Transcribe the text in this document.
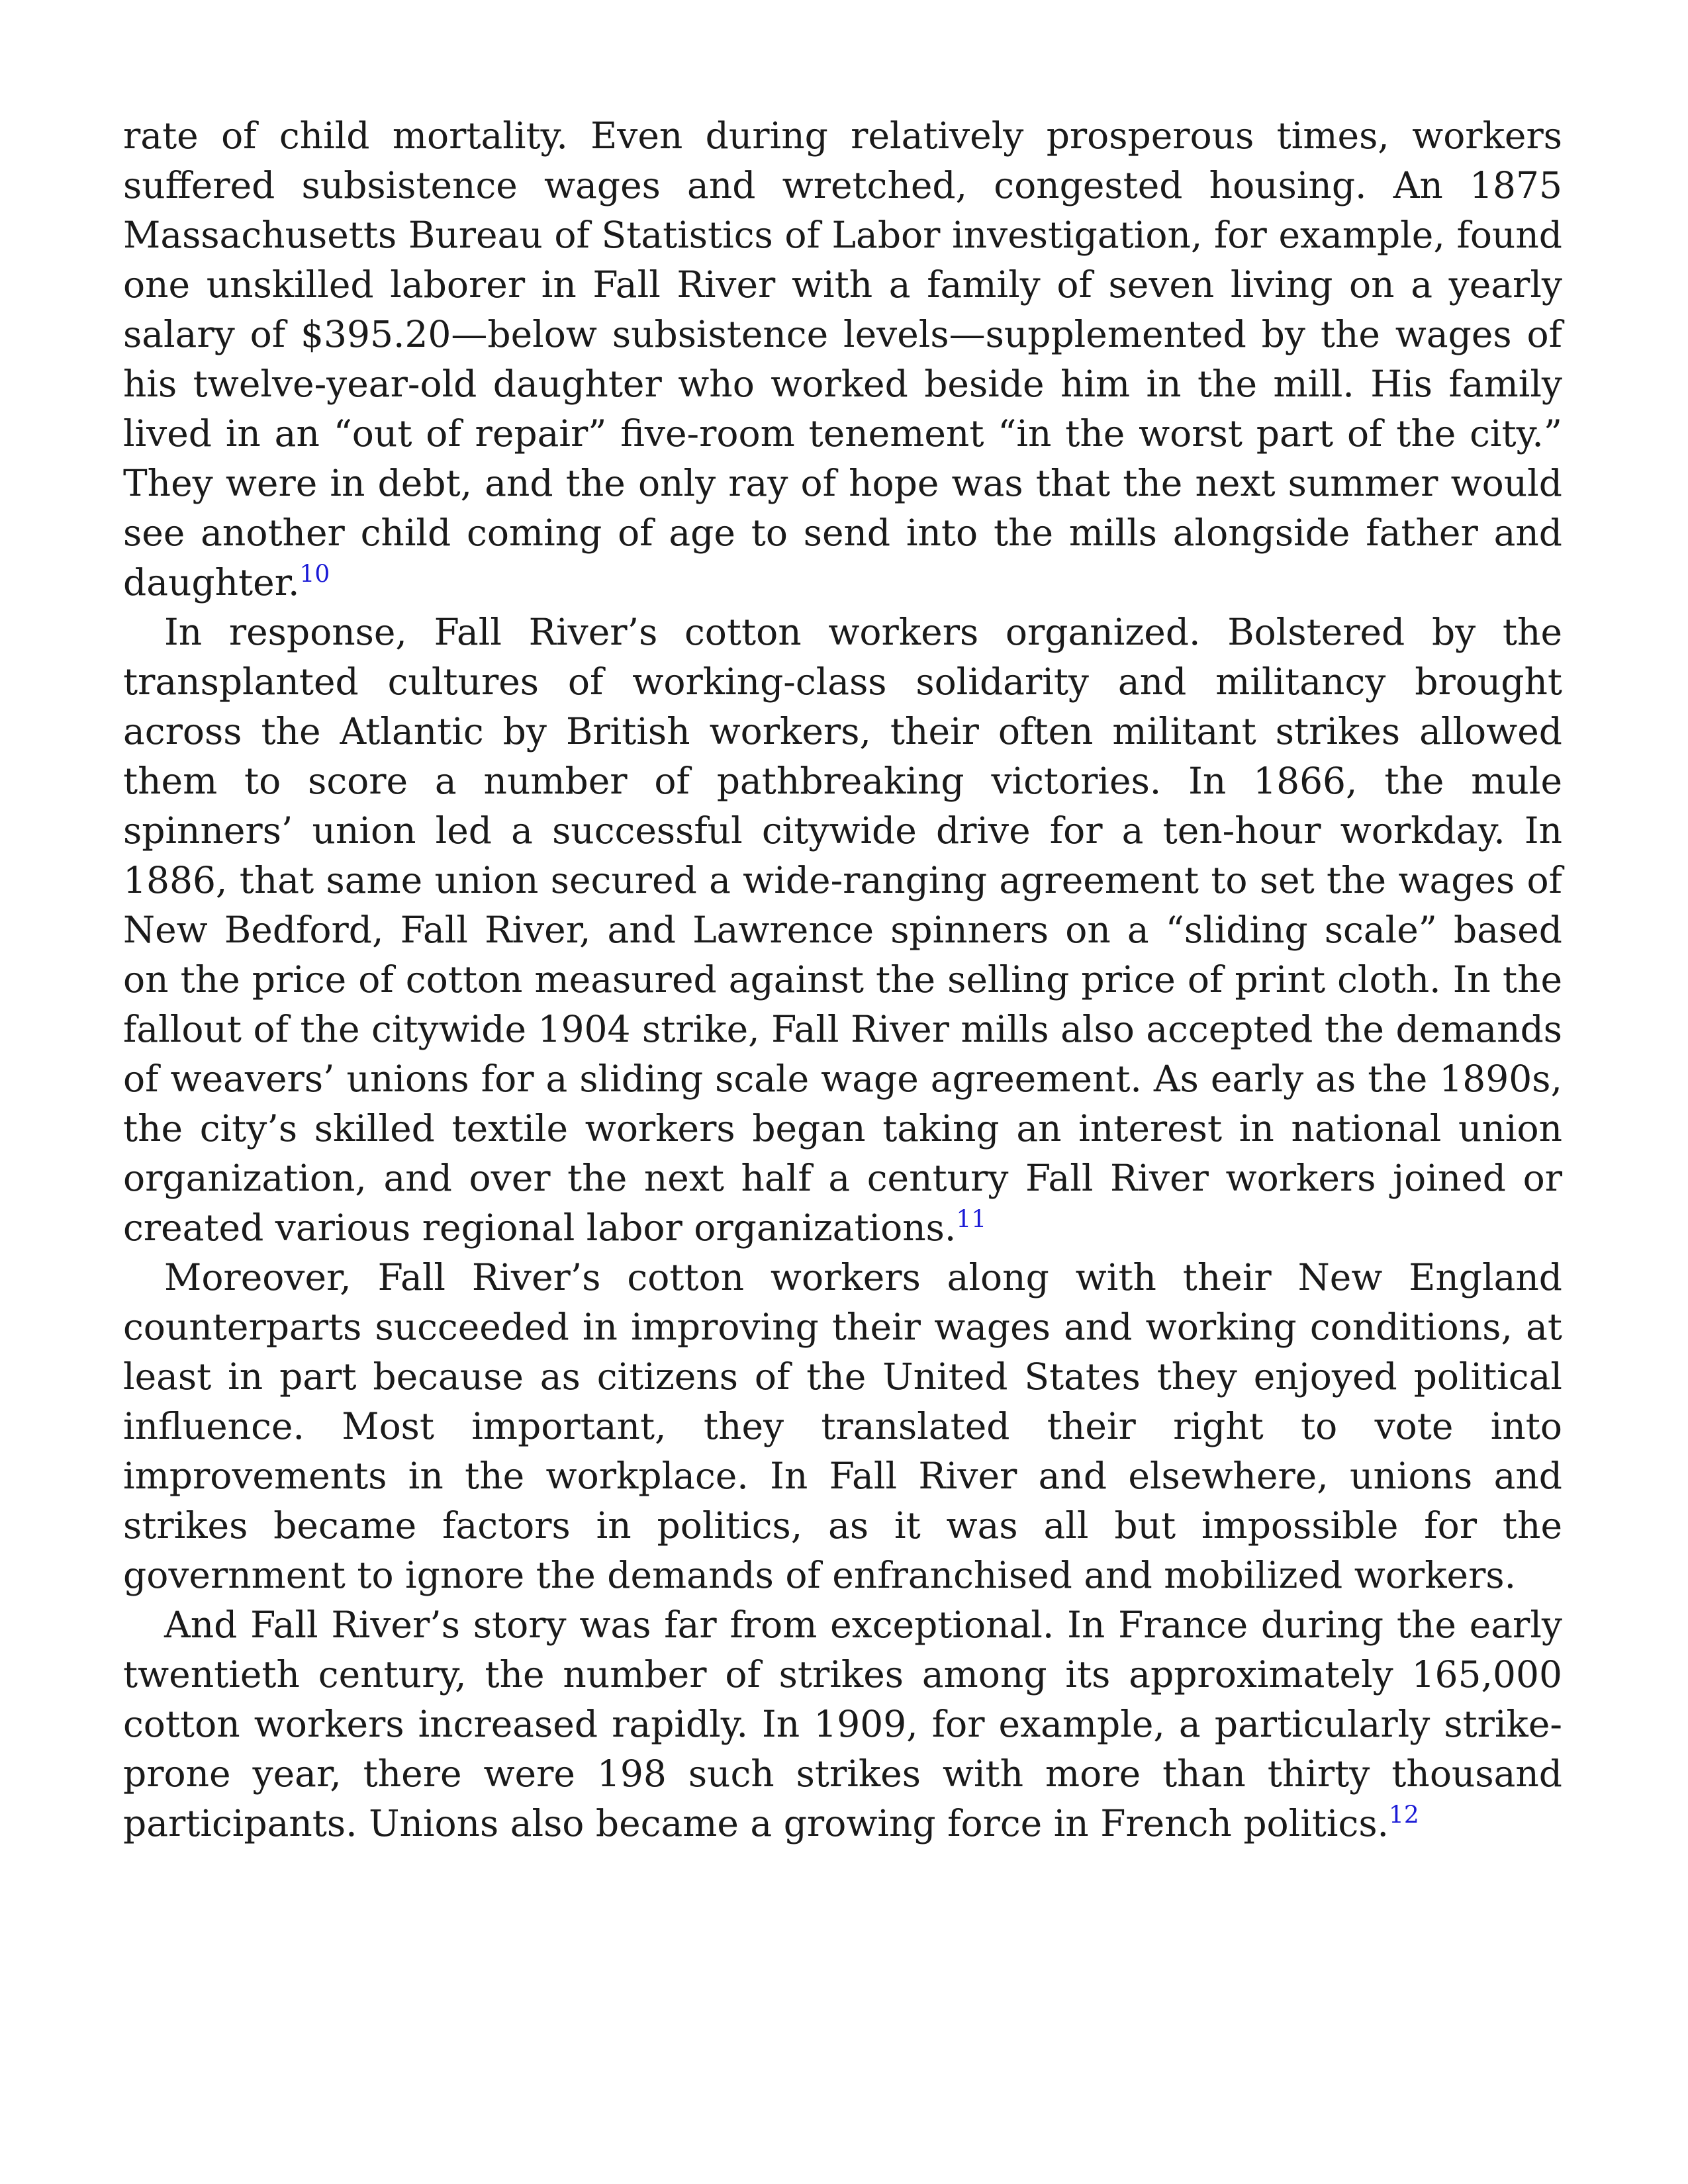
rate of child mortality. Even during relatively prosperous times, workers suffered subsistence wages and wretched, congested housing. An 1875 Massachusetts Bureau of Statistics of Labor investigation, for example, found one unskilled laborer in Fall River with a family of seven living on a yearly salary of $395.20—below subsistence levels—supplemented by the wages of his twelve-year-old daughter who worked beside him in the mill. His family lived in an “out of repair” five-room tenement “in the worst part of the city.” They were in debt, and the only ray of hope was that the next summer would see another child coming of age to send into the mills alongside father and daughter.$^{10}$

In response, Fall River’s cotton workers organized. Bolstered by the transplanted cultures of working-class solidarity and militancy brought across the Atlantic by British workers, their often militant strikes allowed them to score a number of pathbreaking victories. In 1866, the mule spinners’ union led a successful citywide drive for a ten-hour workday. In 1886, that same union secured a wide-ranging agreement to set the wages of New Bedford, Fall River, and Lawrence spinners on a “sliding scale” based on the price of cotton measured against the selling price of print cloth. In the fallout of the citywide 1904 strike, Fall River mills also accepted the demands of weavers’ unions for a sliding scale wage agreement. As early as the 1890s, the city’s skilled textile workers began taking an interest in national union organization, and over the next half a century Fall River workers joined or created various regional labor organizations.$^{11}$

Moreover, Fall River’s cotton workers along with their New England counterparts succeeded in improving their wages and working conditions, at least in part because as citizens of the United States they enjoyed political influence. Most important, they translated their right to vote into improvements in the workplace. In Fall River and elsewhere, unions and strikes became factors in politics, as it was all but impossible for the government to ignore the demands of enfranchised and mobilized workers.

And Fall River’s story was far from exceptional. In France during the early twentieth century, the number of strikes among its approximately 165,000 cotton workers increased rapidly. In 1909, for example, a particularly strike-prone year, there were 198 such strikes with more than thirty thousand participants. Unions also became a growing force in French politics.$^{12}$
